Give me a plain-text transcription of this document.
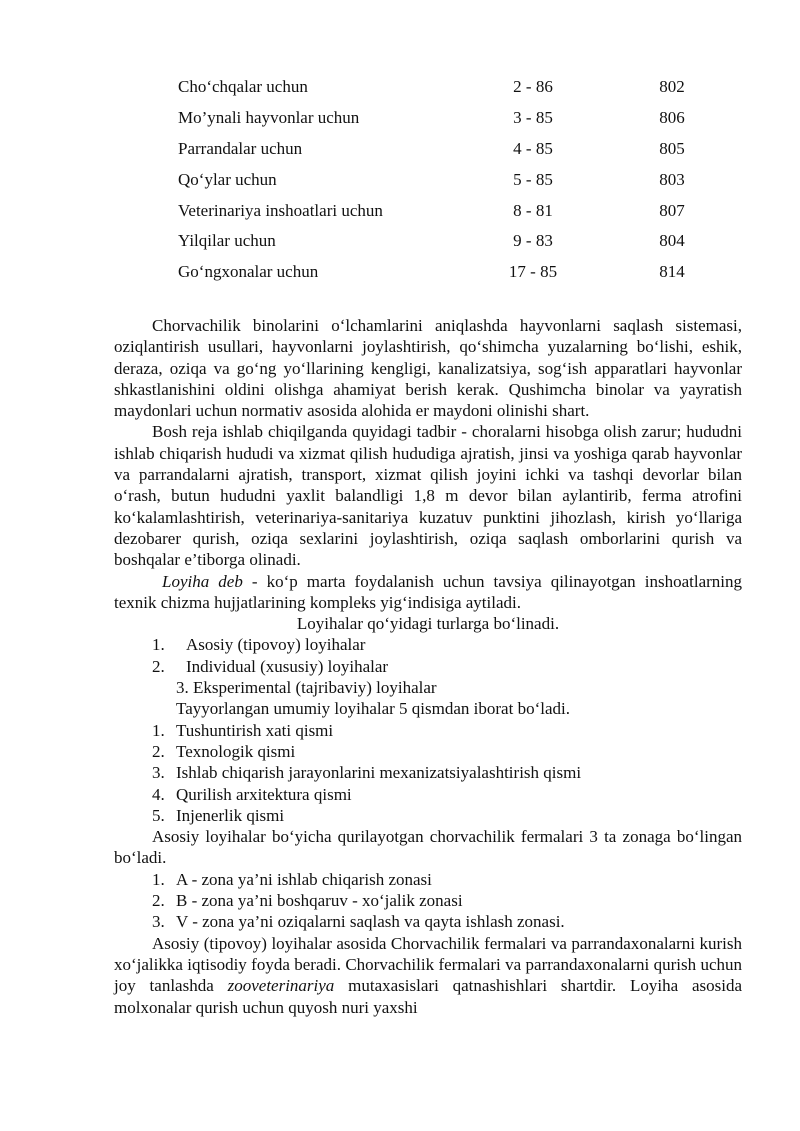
Cho‘chqalar uchun	2 - 86	802
Mo’ynali hayvonlar uchun	3 - 85	806
Parrandalar uchun	4 - 85	805
Qo‘ylar uchun	5 - 85	803
Veterinariya inshoatlari uchun	8 - 81	807
Yilqilar uchun	9 - 83	804
Go‘ngxonalar uchun	17 - 85	814

Chorvachilik binolarini o‘lchamlarini aniqlashda hayvonlarni saqlash sistemasi, oziqlantirish usullari, hayvonlarni joylashtirish, qo‘shimcha yuzalarning bo‘lishi, eshik, deraza, oziqa va go‘ng yo‘llarining kengligi, kanalizatsiya, sog‘ish apparatlari hayvonlar shkastlanishini oldini olishga ahamiyat berish kerak. Qushimcha binolar va yayratish maydonlari uchun normativ asosida alohida er maydoni olinishi shart.

Bosh reja ishlab chiqilganda quyidagi tadbir - choralarni hisobga olish zarur; hududni ishlab chiqarish hududi va xizmat qilish hududiga ajratish, jinsi va yoshiga qarab hayvonlar va parrandalarni ajratish, transport, xizmat qilish joyini ichki va tashqi devorlar bilan o‘rash, butun hududni yaxlit balandligi 1,8 m devor bilan aylantirib, ferma atrofini ko‘kalamlashtirish, veterinariya-sanitariya kuzatuv punktini jihozlash, kirish yo‘llariga dezobarer qurish, oziqa sexlarini joylashtirish, oziqa saqlash omborlarini qurish va boshqalar e’tiborga olinadi.

Loyiha deb - ko‘p marta foydalanish uchun tavsiya qilinayotgan inshoatlarning texnik chizma hujjatlarining kompleks yig‘indisiga aytiladi.

Loyihalar qo‘yidagi turlarga bo‘linadi.

1. Asosiy (tipovoy) loyihalar

2. Individual (xususiy) loyihalar

3. Eksperimental (tajribaviy) loyihalar

Tayyorlangan umumiy loyihalar 5 qismdan iborat bo‘ladi.

1. Tushuntirish xati qismi

2. Texnologik qismi

3. Ishlab chiqarish jarayonlarini mexanizatsiyalashtirish qismi

4. Qurilish arxitektura qismi

5. Injenerlik qismi

Asosiy loyihalar bo‘yicha qurilayotgan chorvachilik fermalari 3 ta zonaga bo‘lingan bo‘ladi.

1. A - zona ya’ni ishlab chiqarish zonasi

2. B - zona ya’ni boshqaruv - xo‘jalik zonasi

3. V - zona ya’ni oziqalarni saqlash va qayta ishlash zonasi.

Asosiy (tipovoy) loyihalar asosida Chorvachilik fermalari va parrandaxonalarni kurish xo‘jalikka iqtisodiy foyda beradi. Chorvachilik fermalari va parrandaxonalarni qurish uchun joy tanlashda zooveterinariya mutaxasislari qatnashishlari shartdir. Loyiha asosida molxonalar qurish uchun quyosh nuri yaxshi
